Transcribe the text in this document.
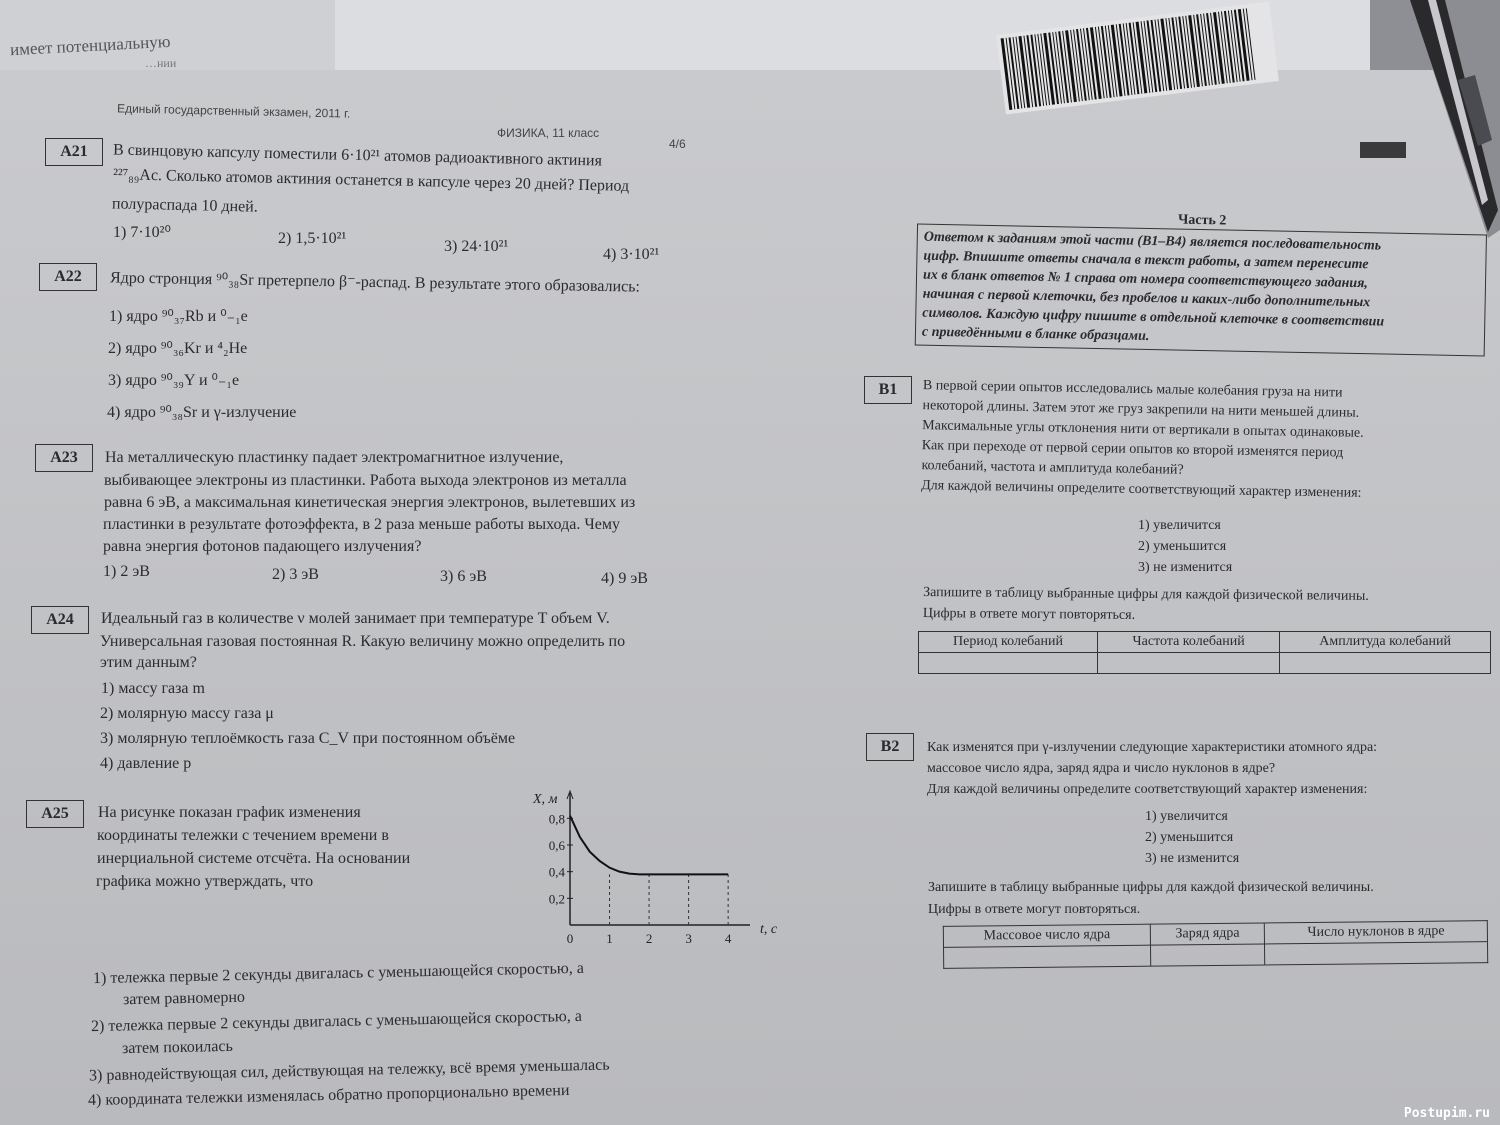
имеет потенциальную
…нии
Единый государственный экзамен, 2011 г.
ФИЗИКА, 11 класс
4/6
А21	В свинцовую капсулу поместили 6·10²¹ атомов радиоактивного актиния
²²⁷₈₉Ac. Сколько атомов актиния останется в капсуле через 20 дней? Период
полураспада 10 дней.
1) 7·10²⁰	2) 1,5·10²¹	3) 24·10²¹	4) 3·10²¹
А22	Ядро стронция ⁹⁰₃₈Sr претерпело β⁻-распад. В результате этого образовались:
1) ядро ⁹⁰₃₇Rb и ⁰₋₁e
2) ядро ⁹⁰₃₆Kr и ⁴₂He
3) ядро ⁹⁰₃₉Y и ⁰₋₁e
4) ядро ⁹⁰₃₈Sr и γ-излучение
А23	На металлическую пластинку падает электромагнитное излучение,
выбивающее электроны из пластинки. Работа выхода электронов из металла
равна 6 эВ, а максимальная кинетическая энергия электронов, вылетевших из
пластинки в результате фотоэффекта, в 2 раза меньше работы выхода. Чему
равна энергия фотонов падающего излучения?
1) 2 эВ	2) 3 эВ	3) 6 эВ	4) 9 эВ
А24	Идеальный газ в количестве ν молей занимает при температуре T объем V.
Универсальная газовая постоянная R. Какую величину можно определить по
этим данным?
1) массу газа m
2) молярную массу газа μ
3) молярную теплоёмкость газа C_V при постоянном объёме
4) давление p
А25	На рисунке показан график изменения
координаты тележки с течением времени в
инерциальной системе отсчёта. На основании
графика можно утверждать, что
0,2
0,4
0,6
0,8
0	1	2	3	4
t, c
X, м
1) тележка первые 2 секунды двигалась с уменьшающейся скоростью, а
затем равномерно
2) тележка первые 2 секунды двигалась с уменьшающейся скоростью, а
затем покоилась
3) равнодействующая сил, действующая на тележку, всё время уменьшалась
4) координата тележки изменялась обратно пропорционально времени
Часть 2
Ответом к заданиям этой части (В1–В4) является последовательность
цифр. Впишите ответы сначала в текст работы, а затем перенесите
их в бланк ответов № 1 справа от номера соответствующего задания,
начиная с первой клеточки, без пробелов и каких-либо дополнительных
символов. Каждую цифру пишите в отдельной клеточке в соответствии
с приведёнными в бланке образцами.
В1	В первой серии опытов исследовались малые колебания груза на нити
некоторой длины. Затем этот же груз закрепили на нити меньшей длины.
Максимальные углы отклонения нити от вертикали в опытах одинаковые.
Как при переходе от первой серии опытов ко второй изменятся период
колебаний, частота и амплитуда колебаний?
Для каждой величины определите соответствующий характер изменения:
1) увеличится
2) уменьшится
3) не изменится
Запишите в таблицу выбранные цифры для каждой физической величины.
Цифры в ответе могут повторяться.
Период колебаний	Частота колебаний	Амплитуда колебаний

В2	Как изменятся при γ-излучении следующие характеристики атомного ядра:
массовое число ядра, заряд ядра и число нуклонов в ядре?
Для каждой величины определите соответствующий характер изменения:
1) увеличится
2) уменьшится
3) не изменится
Запишите в таблицу выбранные цифры для каждой физической величины.
Цифры в ответе могут повторяться.
Массовое число ядра	Заряд ядра	Число нуклонов в ядре

Postupim.ru
